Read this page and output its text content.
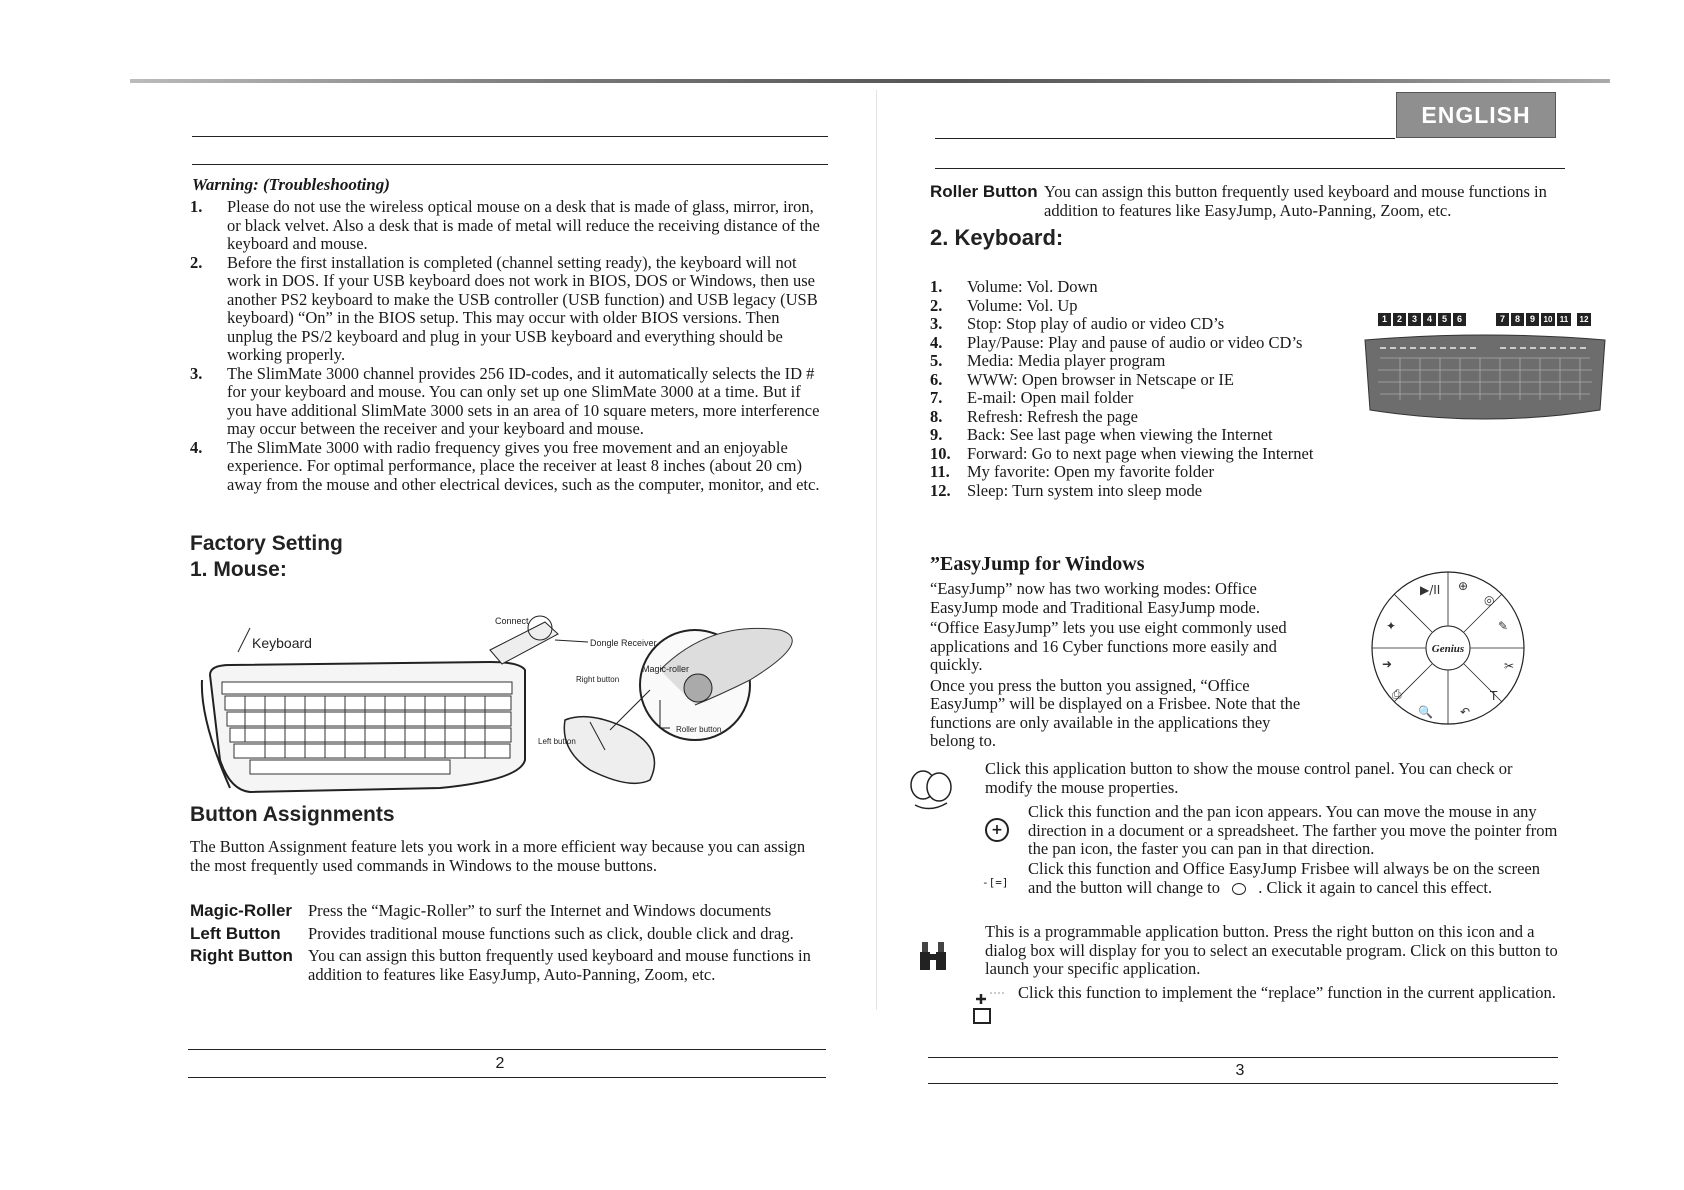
ENGLISH
Warning: (Troubleshooting)
1.	Please do not use the wireless optical mouse on a desk that is made of glass, mirror, iron, or black velvet. Also a desk that is made of metal will reduce the receiving distance of the keyboard and mouse.
2.	Before the first installation is completed (channel setting ready), the keyboard will not work in DOS. If your USB keyboard does not work in BIOS, DOS or Windows, then use another PS2 keyboard to make the USB controller (USB function) and USB legacy (USB keyboard) “On” in the BIOS setup. This may occur with older BIOS versions. Then unplug the PS/2 keyboard and plug in your USB keyboard and everything should be working properly.
3.	The SlimMate 3000 channel provides 256 ID-codes, and it automatically selects the ID # for your keyboard and mouse. You can only set up one SlimMate 3000 at a time. But if you have additional SlimMate 3000 sets in an area of 10 square meters, more interference may occur between the receiver and your keyboard and mouse.
4.	The SlimMate 3000 with radio frequency gives you free movement and an enjoyable experience. For optimal performance, place the receiver at least 8 inches (about 20 cm) away from the mouse and other electrical devices, such as the computer, monitor, and etc.
Factory Setting
1. Mouse:
Keyboard
Connect
Dongle Receiver
Magic-roller
Right button
Roller button
Left button
Button Assignments
The Button Assignment feature lets you work in a more efficient way because you can assign the most frequently used commands in Windows to the mouse buttons.
Magic-Roller Press the “Magic-Roller” to surf the Internet and Windows documents
Left Button	Provides traditional mouse functions such as click, double click and drag.
Right Button You can assign this button frequently used keyboard and mouse functions in addition to features like EasyJump, Auto-Panning, Zoom, etc.
2
Roller Button You can assign this button frequently used keyboard and mouse functions in addition to features like EasyJump, Auto-Panning, Zoom, etc.
2. Keyboard:
1.	Volume: Vol. Down
2.	Volume: Vol. Up
3.	Stop: Stop play of audio or video CD’s
4.	Play/Pause: Play and pause of audio or video CD’s
5.	Media: Media player program
6.	WWW: Open browser in Netscape or IE
7.	E-mail: Open mail folder
8.	Refresh: Refresh the page
9.	Back: See last page when viewing the Internet
10. Forward: Go to next page when viewing the Internet
11.	My favorite: Open my favorite folder
12. Sleep: Turn system into sleep mode
1	2	3	4	5	6	7	8	9	10 11	12
”EasyJump for Windows
“EasyJump” now has two working modes: Office EasyJump mode and Traditional EasyJump mode.
“Office EasyJump” lets you use eight commonly used applications and 16 Cyber functions more easily and quickly.
Once you press the button you assigned, “Office EasyJump” will be displayed on a Frisbee. Note that the functions are only available in the applications they belong to.
Genius
▶/II ⊕
◎
✦	✎
➜	✂
⎙
🔍 ↶
T
Click this application button to show the mouse control panel. You can check or modify the mouse properties.
+
Click this function and the pan icon appears. You can move the mouse in any direction in a document or a spreadsheet. The farther you move the pointer from the pan icon, the faster you can pan in that direction.
-[=]
Click this function and Office EasyJump Frisbee will always be on the screen and the button will change to . Click it again to cancel this effect.
This is a programmable application button. Press the right button on this icon and a dialog box will display for you to select an executable program. Click on this button to launch your specific application.
Click this function to implement the “replace” function in the current application.
3
